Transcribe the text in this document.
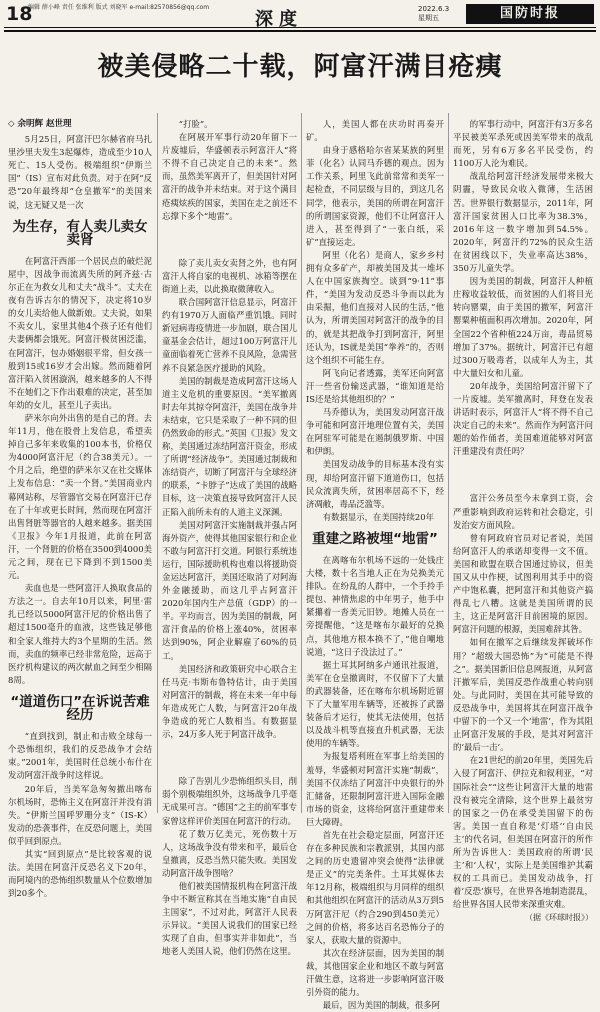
18
编辑 薛小峰 责任 张维利 版式 刘晓军 e-mail:82570856@qq.com
深度	2022.6.3
星期五	国防时报
被美侵略二十载，阿富汗满目疮痍

◇ 余明辉 赵世理

5月25日，阿富汗巴尔赫省府马扎里沙里夫发生3起爆炸，造成至少10人死亡、15人受伤。极端组织“伊斯兰国”（IS）宣布对此负责。对于在阿“反恐”20年最终却“仓皇撤军”的美国来说，这无疑又是一次

为生存，有人卖儿卖女卖肾

在阿富汗西部一个居民点的破烂泥屋中，因战争而流离失所的阿齐兹·古尔正在为救女儿和丈夫“战斗”。丈夫在夜有告诉古尔的情况下，决定将10岁的女儿卖给他人做新娘。丈夫说，如果不卖女儿，家里其他4个孩子还有他们夫妻俩都会饿死。阿富汗极贫困泛滥，在阿富汗，包办婚姻很平常，但女孩一般到15或16岁才会出嫁。然而随着阿富汗陷入贫困漩涡，越来越多的人不得不在她们之下作出艰难的决定，甚至加年幼的女儿，甚至儿子卖出。

萨米尔向外出售的是自己的肾。去年11月，他在股骨上发信息，希望卖掉自己多年来收集的100本书，价格仅为4000阿富汗尼（约合38美元）。一个月之后，绝望的萨米尔又在社交媒体上发布信息：“卖一个肾。”美国商业内幕网站称，尽管器官交易在阿富汗已存在了十年或更长时间，然而现在阿富汗出售肾脏等器官的人越来越多。据美国《卫报》今年1月报道，此前在阿富汗，一个肾脏的价格在3500到4000美元之间，现在已下降到不到1500美元。

卖血也是一些阿富汗人换取食品的方法之一。自去年10月以来，阿里·雷扎已经以5000阿富汗尼的价格出售了超过1500毫升的血液，这些钱足够他和全家人维持大约3个星期的生活。然而，卖血的频率已经非常危险，远高于医疗机构建议的两次献血之间至少相隔8周。

“道道伤口”在诉说苦难经历

“直到找到，制止和击败全球每一个恐怖组织，我们的反恐战争才会结束。”2001年，美国时任总统小布什在发动阿富汗战争时这样说。

20年后，当美军急匆匆撤出喀布尔机场时，恐怖主义在阿富汗并没有消失。“伊斯兰国呼罗珊分支”（IS-K）发动的恐袭事件，在反恐问题上，美国似乎回到原点。

其实“回到原点”是比较客观的说法。美国在阿富汗反恐名义下20年，而阿境内的恐怖组织数量从个位数增加到20多个。

“打脸”。

在阿展开军事行动20年留下一片废墟后，华盛顿表示阿富汗人“将不得不自己决定自己的未来”。然而，虽然美军离开了，但美国针对阿富汗的战争并未结束。对于这个满目疮痍炫疾的国家，美国在走之前还不忘撑下多个“地雷”。

除了卖儿卖女卖肾之外，也有阿富汗人将自家的电视机、冰箱等摆在街道上卖，以此换取微薄收入。

联合国阿富汗信息显示，阿富汗约有1970万人面临严重饥饿。同时新冠病毒疫情进一步加剧，联合国儿童基金会估计，超过100万阿富汗儿童面临着死亡营养不良风险，急需营养不良紧急医疗援助的风险。

美国的制裁是造成阿富汗这场人道主义危机的重要原因。“美军撤离时去年其掠夺阿富汗，美国在战争并未结束，它只是采取了一种不同的但仍然致命的形式。”英国《卫报》发文称，美国通过冻结阿富汗资金，形成了所谓“经济战争”。美国通过制裁和冻结资产，切断了阿富汗与全球经济的联系，“卡脖子”达成了美国的战略目标，这一决策直接导致阿富汗人民正陷入前所未有的人道主义深渊。

美国对阿富汗实施制裁并强占阿海外资产，使得其他国家银行和企业不敢与阿富汗打交道。阿银行系统违运行，国际援助机构也难以将援助资金运达阿富汗，美国还取消了对阿海外金融援助，而这几乎占阿富汗2020年国内生产总值（GDP）的一半。平均而言，因为美国的制裁，阿富汗食品的价格上涨40%，贫困率达到90%，阿企业解雇了60%的员工。

美国经济和政策研究中心联合主任马克·韦斯布鲁特估计，由于美国对阿富汗的制裁，将在未来一年中每年造成死亡人数，与阿富汗20年战争造成的死亡人数相当。有数据显示，24万多人死于阿富汗战争。

除了告别儿少恐怖组织头目，削弱个别极端组织外，这场战争几乎毫无成果可言。“德国”之主的前军事专家曾这样评价美国在阿富汗的行动。

花了数万亿美元，死伤数十万人，这场战争没有带来和平，最后仓皇撤离，反恐当然只能失败。美国发动阿富汗战争图啥？

他们被美国情报机构在阿富汗战争中不断宣称其在当地实施“自由民主国家”，不过对此，阿富汗人民表示异议。“美国人说我们的国家已经实现了自由，但事实并非如此”，当地老人美国人说，他们仍然在这里。

人，美国人都在庆功时再奏开矿。

由身于感格哈尔省某某族的阿里菲（化名）认同马乔德的观点。因为工作关系，阿里飞此前常常和美军一起检查，不同层级与目的，到这几名同学，他表示，美国的所谓在阿富汗的所谓国家资源，他们不让阿富汗人进入，甚至得到了“一张白纸，采矿”直接运走。

阿里（化名）是商人，家乡乡村拥有众多矿产，却被美国及其一堆坏人在中国家族掏空。谈到“9·11”事件，“美国为发动反恐斗争而以此为由采掘，他们直接对人民的生活，”他认为，所谓美国对阿富汗的战争的目的，就是其把战争打到阿富汗，阿里还认为，IS就是美国“拳养”的，否则这个组织不可能生存。

阿飞向记者透露，美军还向阿富汗一些省份输送武器，“谁知道是给IS还是给其他组织的？”

马乔德认为，美国发动阿富汗战争可能和阿富汗地理位置有关，美国在阿驻军可能是在遏制俄罗斯、中国和伊朗。

美国发动战争的目标基本没有实现，却给阿富汗留下道道伤口，包括民众流离失所，贫困率居高不下，经济凋敝，毒品泛滥等。

有数据显示，在美国持续20年

重建之路被埋“地雷”

在离喀布尔机场不远的一处钱庄大楼，数十名当地人正在为兑换美元排队。在纷乱的人群中，一个手拎手提包、神情焦虑的中年男子，他手中紧攥着一沓美元旧钞。地摊人员在一旁提醒他，“这是喀布尔最好的兑换点，其他地方根本换不了，”他自嘲地说道，“这日子没法过了。”

据土耳其阿纳多卢通讯社报道，美军在仓皇撤离时，不仅留下了大量的武器装备，还在喀布尔机场附近留下了大量军用车辆等，还被拆了武器装备后才运行，使其无法使用，包括以及战斗机等直接直升机武器，无法使用的车辆等。

为报复塔利班在军事上给美国的羞辱，华盛顿对阿富汗实施“制裁”，美国不仅冻结了阿富汗中央银行的外汇储备，还限制阿富汗进入国际金融市场的资金，这将给阿富汗重建带来巨大障碍。

首先在社会稳定层面，阿富汗还存在多种民族和宗教派别，其国内部之间的历史遗留冲突会使得“法律就是正义”的完美条件。土耳其媒体去年12月称，极端组织与月同样的组织和其他组织在阿富汗的活动从3万到5万阿富汗尼（约合290到450美元）之间的价格，将多达百名恐怖分子的家人，获取大量的资源中。

其次在经济层面，因为美国的制裁，其他国家企业和地区不敢与阿富汗做生意，这将进一步影响阿富汗吸引外资的能力。

最后，因为美国的制裁，很多阿

的军事行动中，阿富汗有3万多名平民被美军杀死或因美军带来的战乱而死，另有6万多名平民受伤，约1100万人沦为难民。

战乱给阿富汗经济发展带来极大阴霾，导致民众收入微薄，生活困苦。世界银行数据显示，2011年，阿富汗国家贫困人口比率为38.3%，2016年这一数字增加到54.5%。2020年，阿富汗约72%的民众生活在贫困线以下，失业率高达38%，350万儿童失学。

因为美国的制裁，阿富汗人种植庄稼收益较低，而贫困的人们将目光转向罂粟，由于美国的撤军，阿富汗罂粟种植面积再次增加。2020年，阿全国22个省种植224万亩，毒品贸易增加了37%。据统计，阿富汗已有超过300万吸毒者，以成年人为主，其中大量妇女和儿童。

20年战争，美国给阿富汗留下了一片废墟。美军撤离时，拜登在发表讲话时表示，阿富汗人“将不得不自己决定自己的未来”。然而作为阿富汗问题的始作俑者，美国难道能够对阿富汗重建没有责任吗？

富汗公务员至今未拿到工资，会严重影响到政府运转和社会稳定，引发治安方面风险。

曾有阿政府官员对记者说，美国给阿富汗人的承诺却变得一文不值。美国和欧盟在联合国通过协议，但美国又从中作梗，试图利用其手中的资产中饱私囊，把阿富汗和其他资产搞得乱七八糟。这就是美国所谓的民主，这正是阿富汗目前困境的原因。阿富汗问题的根源，美国难辞其咎。

如何在撤军之后继续发挥破坏作用？“超级大国恐怖”为“可能是不得之”。据美国新旧信息网报道，从阿富汗撤军后，美国反恐作战重心转向别处。与此同时，美国在其可能导致的反恐战争中，美国将其在阿富汗战争中留下的一个又一个‘地雷’，作为其阻止阿富汗发展的手段，是其对阿富汗的‘最后一击’。

在21世纪的前20年里，美国先后入侵了阿富汗、伊拉克和叙利亚，“对国际社会”“这些让阿富汗大量的地雷没有被完全清除，这个世界上最贫穷的国家之一仍在承受美国留下的伤害。美国一直自称是‘灯塔’‘自由民主’的代名词，但美国在阿富汗的所作所为告诉世人：美国政府的所谓‘民主’和‘人权’，实际上是美国维护其霸权的工具而已。美国发动战争，打着‘反恐’旗号，在世界各地制造混乱，给世界各国人民带来深重灾难。

（据《环球时报》）
